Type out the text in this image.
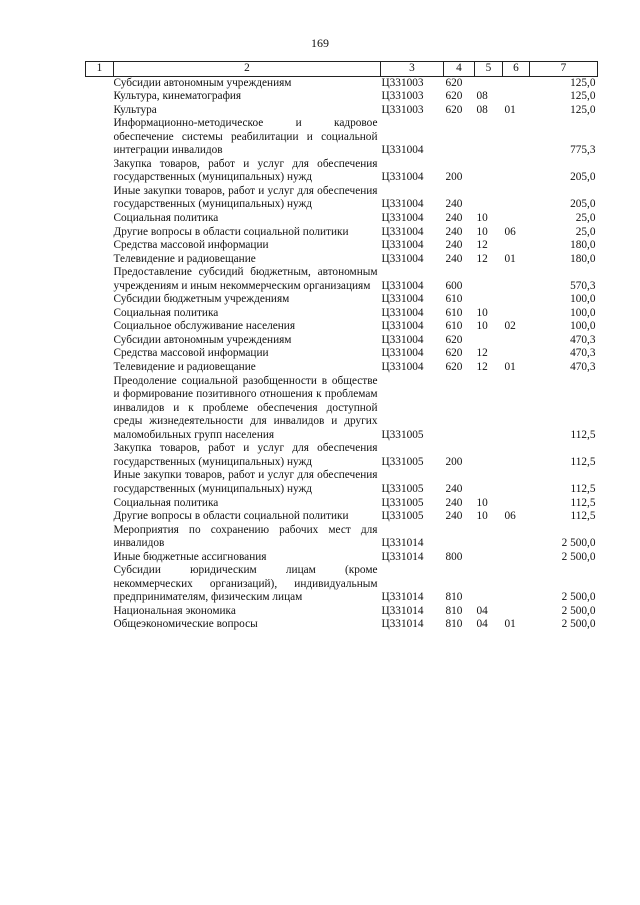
169
1	2	3	4	5	6	7
	Субсидии автономным учреждениям	Ц331003	620			125,0
	Культура, кинематография	Ц331003	620	08		125,0
	Культура	Ц331003	620	08	01	125,0
	Информационно-методическое и кадровое обеспечение системы реабилитации и социальной интеграции инвалидов	Ц331004				775,3
	Закупка товаров, работ и услуг для обеспечения государственных (муниципальных) нужд	Ц331004	200			205,0
	Иные закупки товаров, работ и услуг для обеспечения государственных (муниципальных) нужд	Ц331004	240			205,0
	Социальная политика	Ц331004	240	10		25,0
	Другие вопросы в области социальной политики	Ц331004	240	10	06	25,0
	Средства массовой информации	Ц331004	240	12		180,0
	Телевидение и радиовещание	Ц331004	240	12	01	180,0
	Предоставление субсидий бюджетным, автономным учреждениям и иным некоммерческим организациям	Ц331004	600			570,3
	Субсидии бюджетным учреждениям	Ц331004	610			100,0
	Социальная политика	Ц331004	610	10		100,0
	Социальное обслуживание населения	Ц331004	610	10	02	100,0
	Субсидии автономным учреждениям	Ц331004	620			470,3
	Средства массовой информации	Ц331004	620	12		470,3
	Телевидение и радиовещание	Ц331004	620	12	01	470,3
	Преодоление социальной разобщенности в обществе и формирование позитивного отношения к проблемам инвалидов и к проблеме обеспечения доступной среды жизнедеятельности для инвалидов и других маломобильных групп населения	Ц331005				112,5
	Закупка товаров, работ и услуг для обеспечения государственных (муниципальных) нужд	Ц331005	200			112,5
	Иные закупки товаров, работ и услуг для обеспечения государственных (муниципальных) нужд	Ц331005	240			112,5
	Социальная политика	Ц331005	240	10		112,5
	Другие вопросы в области социальной политики	Ц331005	240	10	06	112,5
	Мероприятия по сохранению рабочих мест для инвалидов	Ц331014				2 500,0
	Иные бюджетные ассигнования	Ц331014	800			2 500,0
	Субсидии юридическим лицам (кроме некоммерческих организаций), индивидуальным предпринимателям, физическим лицам	Ц331014	810			2 500,0
	Национальная экономика	Ц331014	810	04		2 500,0
	Общеэкономические вопросы	Ц331014	810	04	01	2 500,0
